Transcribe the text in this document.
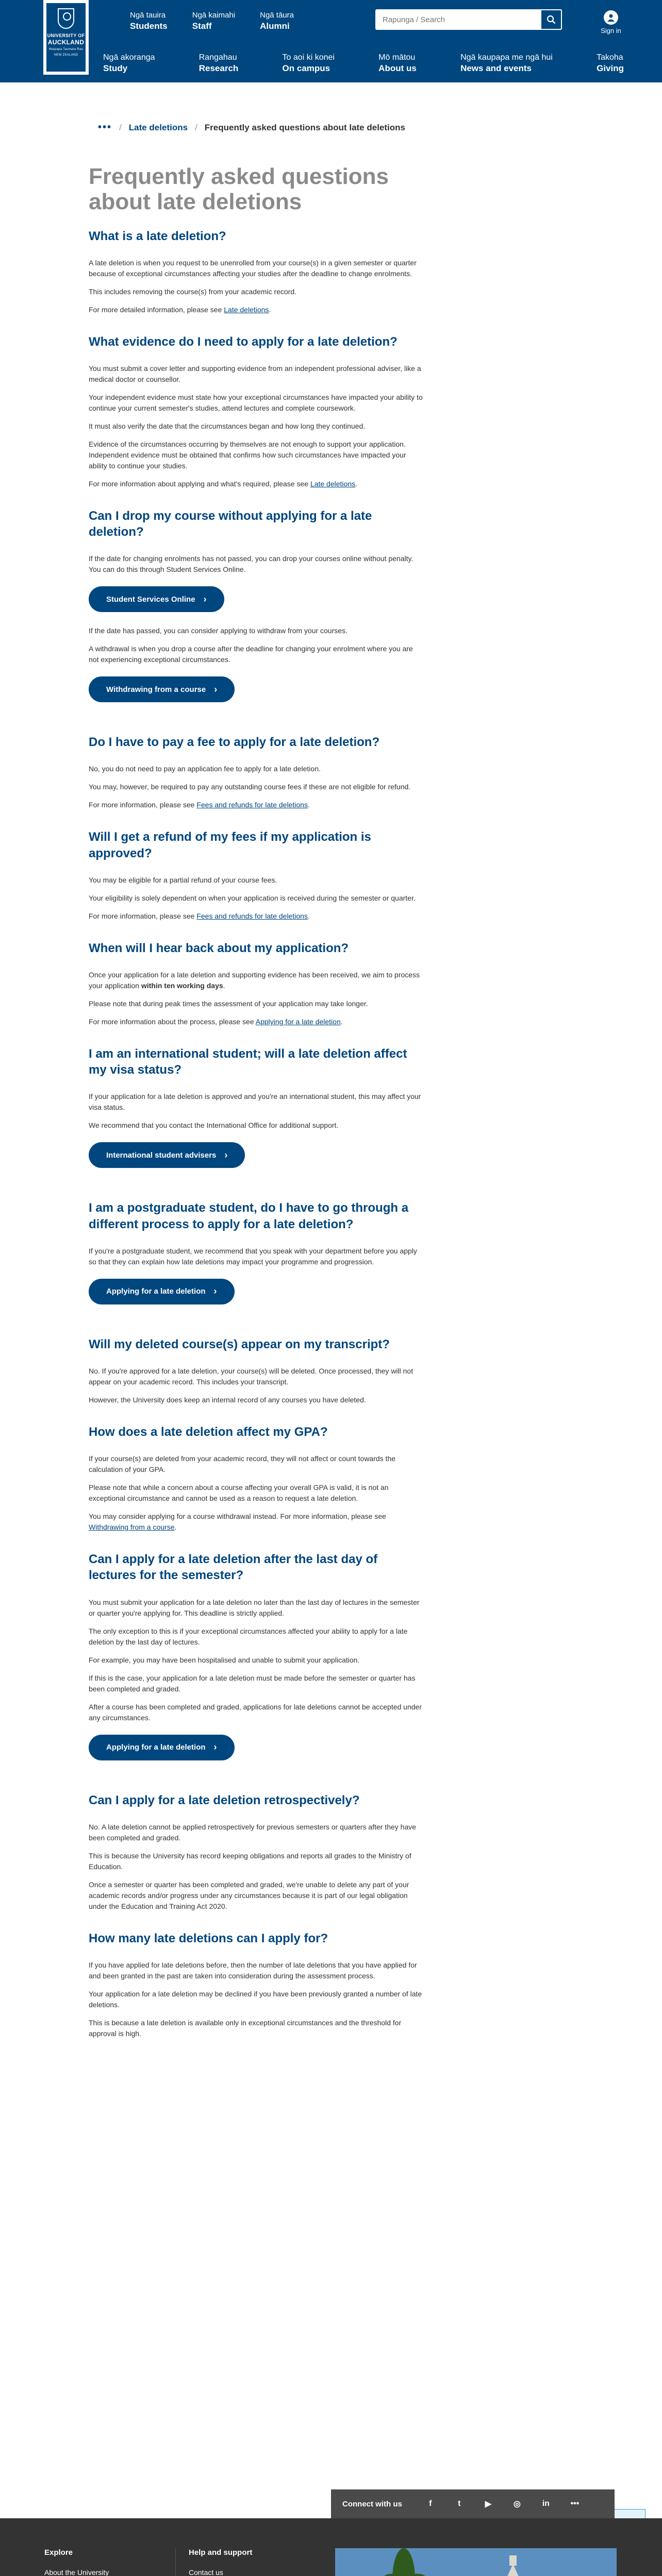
UNIVERSITY OF
AUCKLAND
Waipapa Taumata Rau
NEW ZEALAND
Ngā tauira
Students
Ngā kaimahi
Staff
Ngā tāura
Alumni
Rapunga / Search	Sign in
Ngā akoranga
Study
Rangahau
Research
To aoi ki konei
On campus
Mō mātou
About us
Ngā kaupapa me ngā hui
News and events
Takoha
Giving
••• / Late deletions / Frequently asked questions about late deletions
Frequently asked questions about late deletions
What is a late deletion?

A late deletion is when you request to be unenrolled from your course(s) in a given semester or quarter because of exceptional circumstances affecting your studies after the deadline to change enrolments.

This includes removing the course(s) from your academic record.

For more detailed information, please see Late deletions.

What evidence do I need to apply for a late deletion?

You must submit a cover letter and supporting evidence from an independent professional adviser, like a medical doctor or counsellor.

Your independent evidence must state how your exceptional circumstances have impacted your ability to continue your current semester's studies, attend lectures and complete coursework.

It must also verify the date that the circumstances began and how long they continued.

Evidence of the circumstances occurring by themselves are not enough to support your application. Independent evidence must be obtained that confirms how such circumstances have impacted your ability to continue your studies.

For more information about applying and what's required, please see Late deletions.

Can I drop my course without applying for a late deletion?

If the date for changing enrolments has not passed, you can drop your courses online without penalty. You can do this through Student Services Online.

Student Services Online ›

If the date has passed, you can consider applying to withdraw from your courses.

A withdrawal is when you drop a course after the deadline for changing your enrolment where you are not experiencing exceptional circumstances.

Withdrawing from a course ›
Do I have to pay a fee to apply for a late deletion?

No, you do not need to pay an application fee to apply for a late deletion.

You may, however, be required to pay any outstanding course fees if these are not eligible for refund.

For more information, please see Fees and refunds for late deletions.

Will I get a refund of my fees if my application is approved?

You may be eligible for a partial refund of your course fees.

Your eligibility is solely dependent on when your application is received during the semester or quarter.

For more information, please see Fees and refunds for late deletions.

When will I hear back about my application?

Once your application for a late deletion and supporting evidence has been received, we aim to process your application within ten working days.

Please note that during peak times the assessment of your application may take longer.

For more information about the process, please see Applying for a late deletion.

I am an international student; will a late deletion affect my visa status?

If your application for a late deletion is approved and you're an international student, this may affect your visa status.

We recommend that you contact the International Office for additional support.

International student advisers ›
I am a postgraduate student, do I have to go through a different process to apply for a late deletion?

If you're a postgraduate student, we recommend that you speak with your department before you apply so that they can explain how late deletions may impact your programme and progression.

Applying for a late deletion ›
Will my deleted course(s) appear on my transcript?

No. If you're approved for a late deletion, your course(s) will be deleted. Once processed, they will not appear on your academic record. This includes your transcript.

However, the University does keep an internal record of any courses you have deleted.

How does a late deletion affect my GPA?

If your course(s) are deleted from your academic record, they will not affect or count towards the calculation of your GPA.

Please note that while a concern about a course affecting your overall GPA is valid, it is not an exceptional circumstance and cannot be used as a reason to request a late deletion.

You may consider applying for a course withdrawal instead. For more information, please see Withdrawing from a course.

Can I apply for a late deletion after the last day of lectures for the semester?

You must submit your application for a late deletion no later than the last day of lectures in the semester or quarter you're applying for. This deadline is strictly applied.

The only exception to this is if your exceptional circumstances affected your ability to apply for a late deletion by the last day of lectures.

For example, you may have been hospitalised and unable to submit your application.

If this is the case, your application for a late deletion must be made before the semester or quarter has been completed and graded.

After a course has been completed and graded, applications for late deletions cannot be accepted under any circumstances.

Applying for a late deletion ›
Can I apply for a late deletion retrospectively?

No. A late deletion cannot be applied retrospectively for previous semesters or quarters after they have been completed and graded.

This is because the University has record keeping obligations and reports all grades to the Ministry of Education.

Once a semester or quarter has been completed and graded, we're unable to delete any part of your academic records and/or progress under any circumstances because it is part of our legal obligation under the Education and Training Act 2020.

How many late deletions can I apply for?

If you have applied for late deletions before, then the number of late deletions that you have applied for and been granted in the past are taken into consideration during the assessment process.

Your application for a late deletion may be declined if you have been previously granted a number of late deletions.

This is because a late deletion is available only in exceptional circumstances and the threshold for approval is high.

Connect with us	f	t	▶	◎	in	•••
Explore
About the University
Help and support
Contact us
